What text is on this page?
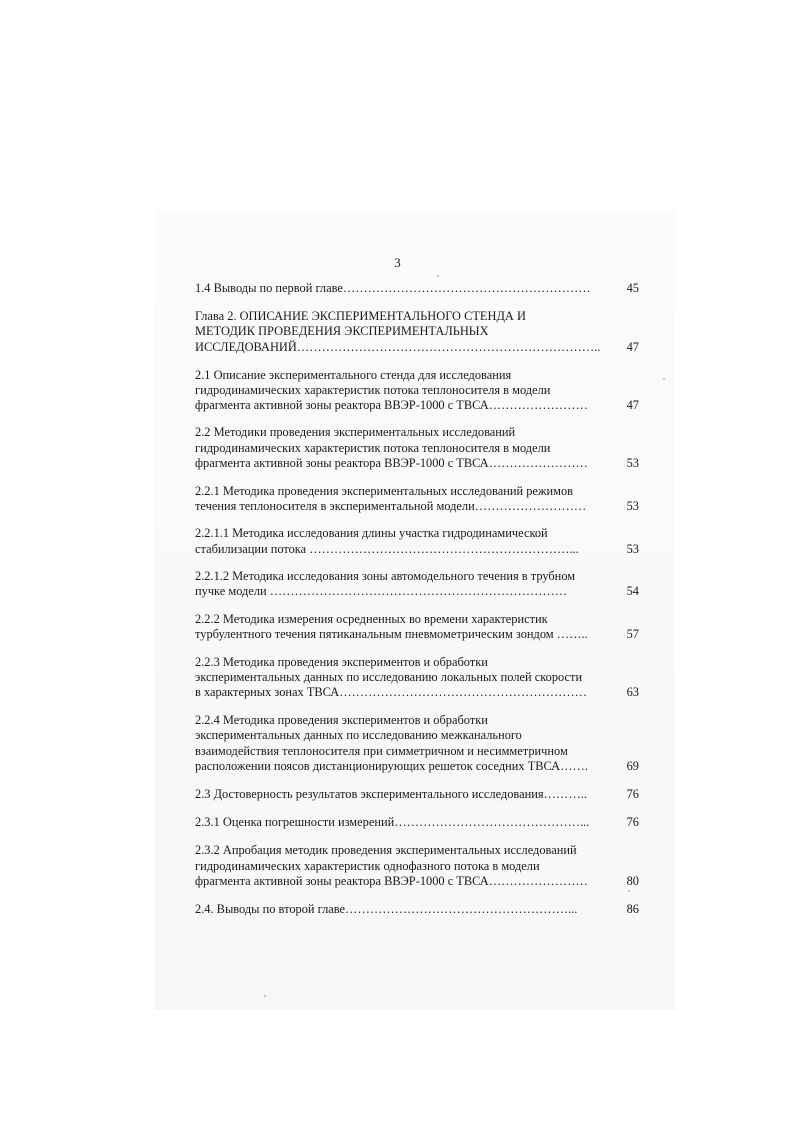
3
1.4 Выводы по первой главе……………………………………………………	45
Глава 2. ОПИСАНИЕ ЭКСПЕРИМЕНТАЛЬНОГО СТЕНДА И
МЕТОДИК ПРОВЕДЕНИЯ ЭКСПЕРИМЕНТАЛЬНЫХ
ИССЛЕДОВАНИЙ………………………………………………………………..	47
2.1 Описание экспериментального стенда для исследования
гидродинамических характеристик потока теплоносителя в модели
фрагмента активной зоны реактора ВВЭР-1000 с ТВСА……………………	47
2.2 Методики проведения экспериментальных исследований
гидродинамических характеристик потока теплоносителя в модели
фрагмента активной зоны реактора ВВЭР-1000 с ТВСА……………………	53
2.2.1 Методика проведения экспериментальных исследований режимов
течения теплоносителя в экспериментальной модели………………………	53
2.2.1.1 Методика исследования длины участка гидродинамической
стабилизации потока ………………………………………………………...	53
2.2.1.2 Методика исследования зоны автомодельного течения в трубном
пучке модели ………………………………………………………………	54
2.2.2 Методика измерения осредненных во времени характеристик
турбулентного течения пятиканальным пневмометрическим зондом ……..	57
2.2.3 Методика проведения экспериментов и обработки
экспериментальных данных по исследованию локальных полей скорости
в характерных зонах ТВСА……………………………………………………	63
2.2.4 Методика проведения экспериментов и обработки
экспериментальных данных по исследованию межканального
взаимодействия теплоносителя при симметричном и несимметричном
расположении поясов дистанционирующих решеток соседних ТВСА…….	69
2.3 Достоверность результатов экспериментального исследования………..	76
2.3.1 Оценка погрешности измерений………………………………………...	76
2.3.2 Апробация методик проведения экспериментальных исследований
гидродинамических характеристик однофазного потока в модели
фрагмента активной зоны реактора ВВЭР-1000 с ТВСА……………………	80
2.4. Выводы по второй главе………………………………………………...	86
